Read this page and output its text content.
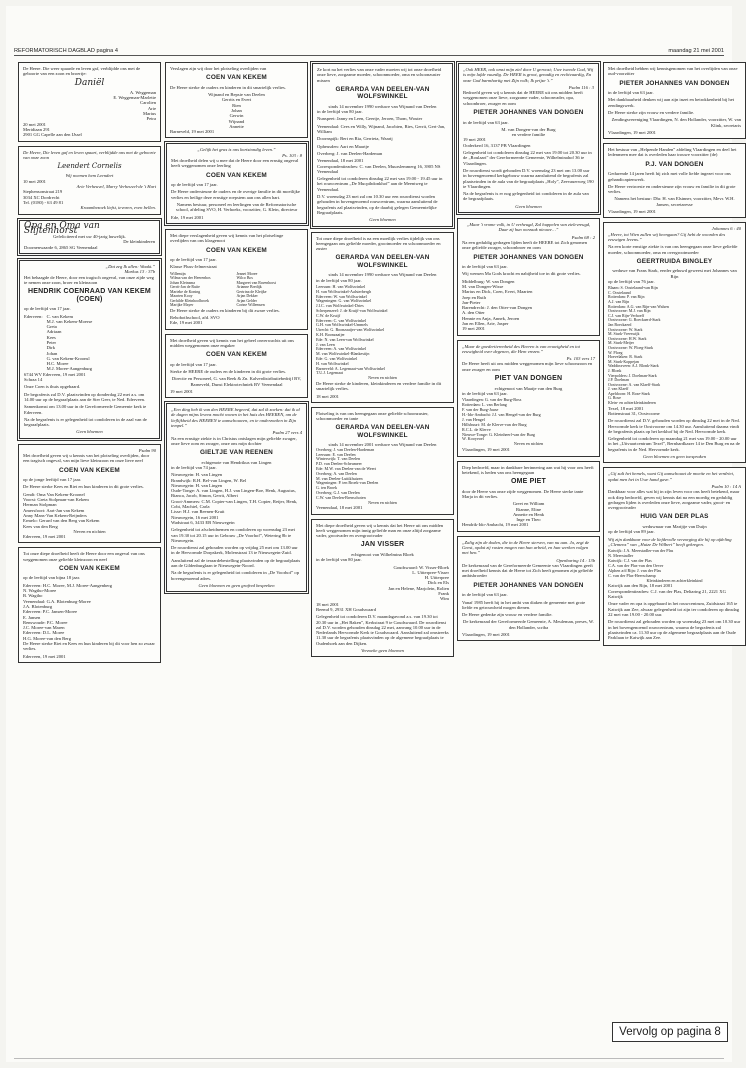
REFORMATORISCH DAGBLAD pagina 4	maandag 21 mei 2001

De Heere. Die weer spaarde en leven gaf, verblijdde ons met de geboorte van een zoon en broertje:

Daniël
A. Weggeman
E. Weggeman-Marlette
Carolien
Arie
Marius
Petra
20 mei 2001
Meridiaan 291
2901 GG Capelle aan den IJssel

De Heere, Die leven gaf en leven spaart, verblijdde ons met de geboorte van onze zoon

Leendert Cornelis
Wij noemen hem Leendert
10 mei 2001
Arie Verheuvel, Marry Verheuvel-de 't Hart
Stephensonstraat 219
3034 XC Dordrecht
Tel. (0180) - 63 49 81
Kraambezoek liefst, tevoren, even bellen.
Opa en Oma van Slijtenhorst
Gefeliciteerd met uw 40-jarig huwelijk.
De kleinkinderen
Doornenwaarde 6, 2865 SG Veenendaal
„Dat zeg Ik allen: Waakt.”
Markus 13 : 37b

Het behaagde de Heere, door een tragisch ongeval, van onze zijde weg te nemen onze zoon, broer en kleinzoon

HENDRIK COENRAAD VAN KEKEM (COEN)

op de leeftijd van 17 jaar.

Ederveen: C. van Kekem
M.J. van Kekem-Moerse
Greta
Adriaan
Kees
Peter
Dirk
Johan
G. van Kekem-Kroonsl
H.C. Moree
M.J. Moree-Aangenburg
6744 WV Ederveen, 19 mei 2001

Schraa 14

Onze Coen is thuis opgebaard.

De begrafenis zal D.V. plaatsvinden op donderdag 22 mei a.s. om 14.00 uur op de begraafplaats aan de Sier Geer, te Ned. Ederveen.

Samenkomst om 13.00 uur in de Gereformeerde Gemeente kerk te Ederveen.

Na de begrafenis is er gelegenheid tot condoleren in de zaal van de begraafplaats.

Geen bloemen
Psalm 90

Met droefheid geven wij u kennis van het plotseling overlijden, door een tragisch ongeval, van mijn lieve kleinzoon en onze lieve neef

COEN VAN KEKEM

op de jonge leeftijd van 17 jaar.

De Heere sterke Kees en Riet en hun kinderen in dit grote verlies.

Gendt: Oma Van Kekem-Kroonel
Voorst: Greta Stolpman-van Kekem
Herman Stolpman
Amersfoort: Aart-Jan van Kekem
Anny Mans-Van Kekem-Reijnders
Ermelo: Gerard van den Berg van Kekem
Kees van den Berg
Neven en nichten
Ederveen, 19 mei 2001

Tot onze diepe droefheid heeft de Heere door een ongeval van ons weggenomen onze geliefde kleinzoon en neef

COEN VAN KEKEM

op de leeftijd van bijna 18 jaar.

Ederveen: H.C. Moree, M.J. Moree-Aangenberg
N. Wagtho-Moree
B. Wagtho
Veenendaal: G.A. Blotenburg-Moree
J.A. Blotenburg
Ederveen: P.C. Jansen-Moree
E. Jansen
Renswoude: P.C. Moree
J.C. Moree-van Maren
Ederveen: D.L. Moree
H.G. Moree-van den Berg

De Heere sterke Riet en Kees en hun kinderen bij dit voor hen zo zwaar verlies.

Ederveen, 19 mei 2001

Verslagen zijn wij door het plotseling overlijden van

COEN VAN KEKEM

De Heere sterke de ouders en kinderen in dit smartelijk verlies.

Wijnand en Bepsie van Deelen
Gerrits en Evert
Rien
Johan
Gerwin
Wijnand
Annette
Barneveld, 19 mei 2001
„Gelijk het gras is ons kortstondig leven.”
Ps. 103 : 8

Met droefheid delen wij u mee dat de Heere door een ernstig ongeval heeft weggenomen onze leerling

COEN VAN KEKEM

op de leeftijd van 17 jaar.

De Heere ondersteune de ouders en de overige familie in dit moeilijke verlies en heilige deze ernstige roepstem aan ons allen hart.

Namens bestuur, personeel en leerlingen van de Reformatorische school, afdeling SVO, H. Verhoeks, voorzitter, G. Klein, directeur

Ede, 19 mei 2001

Met diepe verslagenheid geven wij kennis van het plotselinge overlijden van ons klasgenoot

COEN VAN KEKEM

op de leeftijd van 17 jaar.

Klasse Pluss-Jelmerstraat

Willemijn	Jeanet Moree
Wilma van der Heerenbos	Wilco Bos
Johan Kleinsma	Margreet van Ravenhorst
Gerrit-Jan de Ruite	Arianne Bredijk
Marieke de Koning	Gertrina de Kleijke
Maarten Kooy	Arjan Dekker
Gerhilde Kleinhoolbroek	Arjan Gelder
Marijke Mayer	Corine Willemsen

De Heere sterke de ouders en kinderen bij dit zware verlies.

Rehobothschool, afd. SVO
Ede, 19 mei 2001

Met droefheid geven wij kennis van het gebeel onverwachts uit ons midden weggenomen onze engaker

COEN VAN KEKEM

op de leeftijd van 17 jaar.

Sterke de HEERE de ouders en de kinderen in dit grote verlies.

Directie en Personeel, G. van Beek & Zn. Kalverdistributiebedrijf BV, Barneveld, Dunst Elektrotechniek BV Veenendaal

19 mei 2001

„Een ding heb ik van den HEERE begeerd, dat zal ik zoeken: dat ik al de dagen mijns levens mocht wonen in het huis des HEEREN, om de lieflijkheid des HEEREN te aanschouwen, en te onderzoeken in Zijn tempel.”

Psalm 27 vers 4

Na een ernstige ziekte is in Christus ontslagen mijn geliefde zwager, onze lieve oom en zwager, onze ons mijn dochter

GIELTJE VAN REENEN
echtgenote van Hendrikus van Lingen

in de leeftijd van 74 jaar.

Nieuwegein: H. van Lingen
Brandwijk: R.H. Bel-van Lingen, W. Bel
Nieuwegein: H. van Lingen
Oude-Tonge: A. van Lingen, H.J. van Lingen-Boe, Henk, Augustus, Bianca, Jacob, Simon, Gerrit, Albert
Groot-Ammers: C.M. Copier-van Lingen, T.H. Copier, Reijer, Henk, Cobi, Machiel, Carla
Lisse: H.J. van Reenen-Kruit
Nieuwegein, 16 mei 2001

Wadstraat 6, 3433 EB Nieuwegein

Gelegenheid tot afscheidnemen en condoleren op woensdag 23 mei van 19.30 tot 20.15 uur in Gebouw „De Voorhof”, Wetering 8b te Nieuwegein.

De rouwdienst zal gehouden worden op vrijdag 25 mei om 13.00 uur in de Hervormde Dorpskerk, Molenstraat 13 te Nieuwegein-Zuid.

Aansluitend zal de teraardebestelling plaatsvinden op de begraafplaats aan de Gildenburglaan te Nieuwegein-Noord.

Na de begrafenis is er gelegenheid tot condoleren in „De Voorhof” op bovengenoemd adres.

Geen bloemen en geen grafred bespreken

Ze kort na het verlies van onze vader moeten wij tot onze droefheid onze lieve, zorgzame moeder, schoonmoeder, oma en schoonzuster missen

GERARDA VAN DEELEN-VAN WOLFSWINKEL
sinds 14 november 1990 weduwe van Wijnand van Deelen

in de leeftijd van 80 jaar.

Nunspeet: Janny en Leen, Geertje, Jeroen, Thom, Wouter

Veenendaal: Cees en Willy, Wijnand, Jacobien, Ries, Gerrit, Gert-Jan, William

Doornspijk: Bert en Ria, Gerrieta, Waarij

Opheusden: Aart en Maartje

Overberg: J. van Deelen-Hardeman

Veenendaal, 18 mei 2001

Correspondentieadres: C. van Deelen, Muurslemmerg 16, 3905 NS Veenendaal

Gelegenheid tot condoleren dinsdag 22 mei van 19.00 - 19.45 uur in het rouwcentrum „De Mucpihdonkhof” aan de Meentweg te Veenendaal.

D.V. woensdag 23 mei zal om 10.30 uur een rouwdienst worden gehouden in bovengenoemd rouwcentrum, waarna aansluitend de begrafenis zal plaatsvinden, op de daarbij gelegen Gemeentelijke Begraafplaats.

Geen bloemen

Tot onze diepe droefheid is na een moeilijk verlies tijdelijk van ons heengegaan ons geliefde moeder, grootmoeder en schoonmoeder en zuster

GERARDA VAN DEELEN-VAN WOLFSWINKEL
sinds 14 november 1990 weduwe van Wijnand van Deelen

in de leeftijd van 80 jaar.

Leersum: H. van Wolfswinkel
H. van Wolfswinkel-Aalsterbergh
Ederveen: W. van Wolfswinkel
Wageningen: G. van Wolfswinkel
J.I.C. van Wolfswinkel-Dries
Scherpenzeel: J. de Kruijf-van Wolfswinkel
C.W. de Kruijf
Ederveen: C. van Wolfswinkel
G.H. van Wolfswinkel-Ummels
Utrecht: G. Boonzaaijer-van Wolfswinkel
K.H. Boonzaaijer
Ede: N. van Leen-van Wolfswinkel
J. van Leen
Ederveen: A. van Wolfswinkel
M. van Wolfswinkel-Blankestijn
Ede: G. van Wolfswinkel
H. van Wolfswinkel
Barneveld: A. Legemaat-van Wolfswinkel
T.U.J. Legemaat
Neven en nichten

De Heere sterke de kinderen, kleinkinderen en verdere familie in dit smartelijk verlies.

18 mei 2001

Plotseling is van ons heengegaan onze geliefde schoonzuster, schoonmoeder en tante

GERARDA VAN DEELEN-VAN WOLFSWINKEL
sinds 14 november 2001 weduwe van Wijnand van Deelen
Overberg: J. van Deelen-Hardeman
Leersum: E. van Deelen
Wintersvijk: T. van Deelen
P.D. van Deelen-Scheumeer
Ede: M.W. van Deelen-van de Weert
Overberg: A. van Deelen
M. van Deelen-Luttikhuizen
Wageningen: P. ten Broek-van Deelen
G. ten Broek
Overberg: G.J. van Deelen
C.W. van Deelen-Brenschoten
Neven en nichten
Veenendaal, 18 mei 2001

Met diepe droefheid geven wij u kennis dat het Heere uit ons midden heeft weggenomen mijn innig geliefde man en onze altijd zorgzame vader, grootvader en overgrootvader

JAN VISSER
echtgenoot van Wilhelmina Bloek

in de leeftijd van 80 jaar.

Goudswaard: W. Visser-Bloek
L. Uitterpree-Visser
H. Uitterpree
Dick en Els
Jan en Helene, Marjolein, Rolien
Frank
Wim
18 mei 2001

Beemd 9, 2931 XH Goudswaard

Gelegenheid tot condoleren D.V. maandagavond a.s. van 19.30 tot 20.30 uur in „Het Baken”, Kerkstraat 9 te Goudswaard. De rouwdienst zal D.V. worden gehouden dinsdag 22 mei, aanvang 10.00 uur in de Nederlands Hervormde Kerk te Goudswaard. Aansluitend zal omstreeks 11.30 uur de begrafenis plaatsvinden op de algemene begraafplaats te Oudenhoek aan den Dijken.

Verzoeke geen bloemen

„Ook HEER, ook omst mijn ziel door U geroost; Uwe tweede God, Wij is mijn lafde vuurdig. De HEER is groot, genadig en rechtvaardig, En onze God barmhartig met Zijn volk; Ik prijze 't.”

Psalm 116 : 3

Bedroefd geven wij u kennis dat de HEERE uit ons midden heeft weggenomen onze lieve, zorgzame vader, schoonvader, opa, schoonbroer, zwager en oom

PIETER JOHANNES VAN DONGEN

in de leeftijd van 63 jaar.

M. van Dongen-van der Burg
en verdere familie
19 mei 2001

Ooderkerd 16, 3137 PB Vlaardingen

Gelegenheid tot condoleren dinsdag 22 mei van 19.00 tot 20.30 uur in de „Roulaart” der Gereformeerde Gemeente, Wilhelminahof 36 te Vlaardingen.

De rouwdienst wordt gehouden D.V. woensdag 23 mei om 13.00 uur in bovengenoemd kerkgebouw waarna aansluitend de begrafenis zal plaatsvinden in de aula van de begraafplaats „Holy”, Zeevauerweg 190 te Vlaardingen.

Na de begrafenis is er nog gelegenheid tot condoleren in de aula van de begraafplaats.

Geen bloemen

„Maar 't vrome volk, in U verheugd, Zal huppelen van zielevreugd, Daar zij hun oorzaak nieuwe…”

Psalm 68 : 2

Na een geduldig gedragen lijden heeft de HEERE tot Zich genomen onze geliefde zwager, schoonbroer en oom

PIETER JOHANNES VAN DONGEN

in de leeftijd van 63 jaar.

Wij wensen Ma Gods kracht en nabijheid toe in dit grote verlies.

Middelburg: W. van Dongen
M. van Dongen-Wisse
Marius en Dick, Coen, Evert, Maarten
Joep en Ruth
Jan-Pieter
Barendrecht: J. den Otter-van Dongen
A. den Otter
Hennie en Anja, Annek, Jeroen
Jan en Ellen, Arie, Jasper
19 mei 2001

„Maar de goedertierenheid des Heeren is van eeuwigheid en tot eeuwigheid over degenen, die Hem vrezen.”

Ps. 103 vers 17

De Heere heeft uit ons midden weggenomen mijn lieve schoonzoon en onze zwager en oom

PIET VAN DONGEN
echtgenoot van Maatje van den Burg

in de leeftijd van 63 jaar.

Vlaardingen: G. van der Burg-Boss
Rotterdam: L. van Berlang
F. van der Burg-Jause
H.-Ido-Ambacht: J.J. van Hengel-van der Burg
J. van Hengel
Hillsbuurt: M. de Klerve-van der Burg
R.C.L. de Klerve
Nieuwe-Tonge: G. Kleinheerl-van der Burg
W. Kooyeoel
Neven en nichten
Vlaardingen, 19 mei 2001

Diep bedroefd, maar in dankbare herinnering aan wat hij voor ons heeft betekend, is heden van ons heengegaan

OME PIET

door de Heere van onze zijde weggenomen. De Heere sterke tante Marja in dit verlies.

Greet en William
Rianne, Eline
Annette en Henk
Inge en Theo
Hendrik-Ido-Ambacht, 19 mei 2001

„Zalig zijn de doden, die in de Heere sterven, van nu aan. Ja, zegt de Geest, opdat zij rusten mogen van hun arbeid, en hun werken volgen met hen.”

Openbaring 14 : 13b

De kerkenraad van de Gereformeerde Gemeente van Vlaardingen geeft met droefheid kennis dat de Heere tot Zich heeft genomen zijn geliefde ambtsbroeder

PIETER JOHANNES VAN DONGEN

in de leeftijd van 63 jaar.

Vanaf 1985 heeft hij in het ambt van diaken de gemeente met grote liefde en getrouwheid mogen dienen.

De Heere gedenke zijn vrouw en verdere familie.

De kerkenraad der Gereformeerde Gemeente, A. Meuleman, preses, W. den Hollander, scriba

Vlaardingen, 19 mei 2001

Met droefheid hebben wij kennisgenomen van het overlijden van onze oud-voorzitter

PIETER JOHANNES VAN DONGEN

in de leeftijd van 63 jaar.

Met dankbaarheid denken wij aan zijn inzet en betrokkenheid bij het zendingswerk.

De Heere sterke zijn vrouw en verdere familie.

Zendingsvereniging Vlaardingen, N. den Hollander, voorzitter, W. van Klink, secretaris

Vlaardingen, 19 mei 2001

Het bestuur van „Helpende Handen” afdeling Vlaardingen en deel het ledenmeen mee dat is overleden haar trouwe voorzitter (de)

P.J. VAN DONGEN

Gedurende 14 jaren heeft hij zich met volle liefde ingezet voor ons gehandicaptenwerk.

De Heere vertroeste en ondersteune zijn vrouw en familie in dit grote verlies.

Namens het bestuur: Dhr. H. van Elsinner, voorzitter, Mevr. W.H. Jansen, secretaresse

Vlaardingen, 19 mei 2001
Johannes 6 : 40

„Heere, tot Wien zullen wij heengaan? Gij hebt de woorden des eeuwigen levens.”

Na een korte ernstige ziekte is van ons heengegaan onze lieve geliefde moeder, schoonmoeder, oma en overgrootmoeder

GEERTRUIDA BINGLEY
weduwe van Frans Stark, eerder gehuwd geweest met Johannes van Rijn

op de leeftijd van 76 jaar.

Blaam: S. Oostelaand-van Rijn
C. Oostelaand
Rotterdam: P. van Rijn
A.J. van Rijn
Rotterdam: A.G. van Rijn-van Walsen
Oostvoorne: M.J. van Rijn
C.J. van Rijn-Verhoeff
Oostvoorne: G. Boeckaerd-Stark
Jan Boeckaerd
Oostvoorne: W. Stark
M. Stark-Vreeswijk
Oostvoorne: H.W. Stark
M. Stark-Meijer
Oostvoorne: W. Ploeg-Stark
W. Ploeg
Hoevelaken: R. Stark
M. Stark-Koppejan
Waddinxveen: A.J. Blonk-Stark
J. Blonk
Vierpolders: J. Doelman-Stark
J.P. Doelman
Oostvoorne: A. van Klaeff-Stark
J. van Klaeff
Apeldoorn: H. Rose-Stark
G. Rose
Klein- en achterkleinkinderen
Texel, 18 mei 2001

Bottenstraat 31, Oostvoorne

De rouwdienst zal D.V. gehouden worden op dinsdag 22 mei in de Ned. Hervormde kerk te Oostvoorne om 14.30 uur. Aansluitend daarna vindt de begrafenis plaats op het kerkhof bij de Ned. Hervormde kerk.

Gelegenheid tot condoleren op maandag 21 mei van 19.00 - 20.00 uur in het „Uitvaartcentrum Texel”, Bernhardkazer 14 te Den Burg en na de begrafenis in de Ned. Hervormde kerk.

Geen bloemen en geen toespraken

„Gij zult het hemels, want Gij aanschouwt de moeite en het verdriet, opdat men het in Uwe hand gave.”

Psalm 10 : 14 A

Dankbaar voor alles wat hij in zijn leven voor ons heeft betekend, maar ook diep bedroefd, geven wij kennis dat na een moedig en geduldig gedragen lijden is overleden onze lieve, zorgzame vader, groot- en overgrootvader

HUIG VAN DER PLAS
weduwnaar van Marijtje van Duijn

op de leeftijd van 89 jaar.

Wij zijn dankbaar voor de liefdevolle verzorging die hij op afdeling „Clemens” van „Huize De Wilbert” heeft gekregen.

Katwijk: J.A. Meerstadler-van der Plas
N. Meerstadler
Katwijk: C.J. van der Plas
C.A. van der Plas-van den Oever
Alphen a/d Rijn: J. van der Plas
C. van der Plas-Heerschamp
Kleinkinderen en achterkleinkind
Katwijk aan den Rijn, 18 mei 2001

Correspondentieadres: C.J. van der Plas, Deltaring 21, 2221 XG Katwijk

Onze vader en opa is opgebaard in het rouwcentrum, Zuidstraat 165 te Katwijk aan Zee, alwaar gelegenheid tot zijn ter condoleren op dinsdag 22 mei van 19.00 - 20.00 uur.

De rouwdienst zal gehouden worden op woensdag 23 mei om 10.30 uur in het bovengenoemd rouwcentrum, waarna de begrafenis zal plaatsvinden ca. 11.30 uur op de algemene begraafplaats aan de Oude Parklaan te Katwijk aan Zee.

Vervolg op pagina 8
